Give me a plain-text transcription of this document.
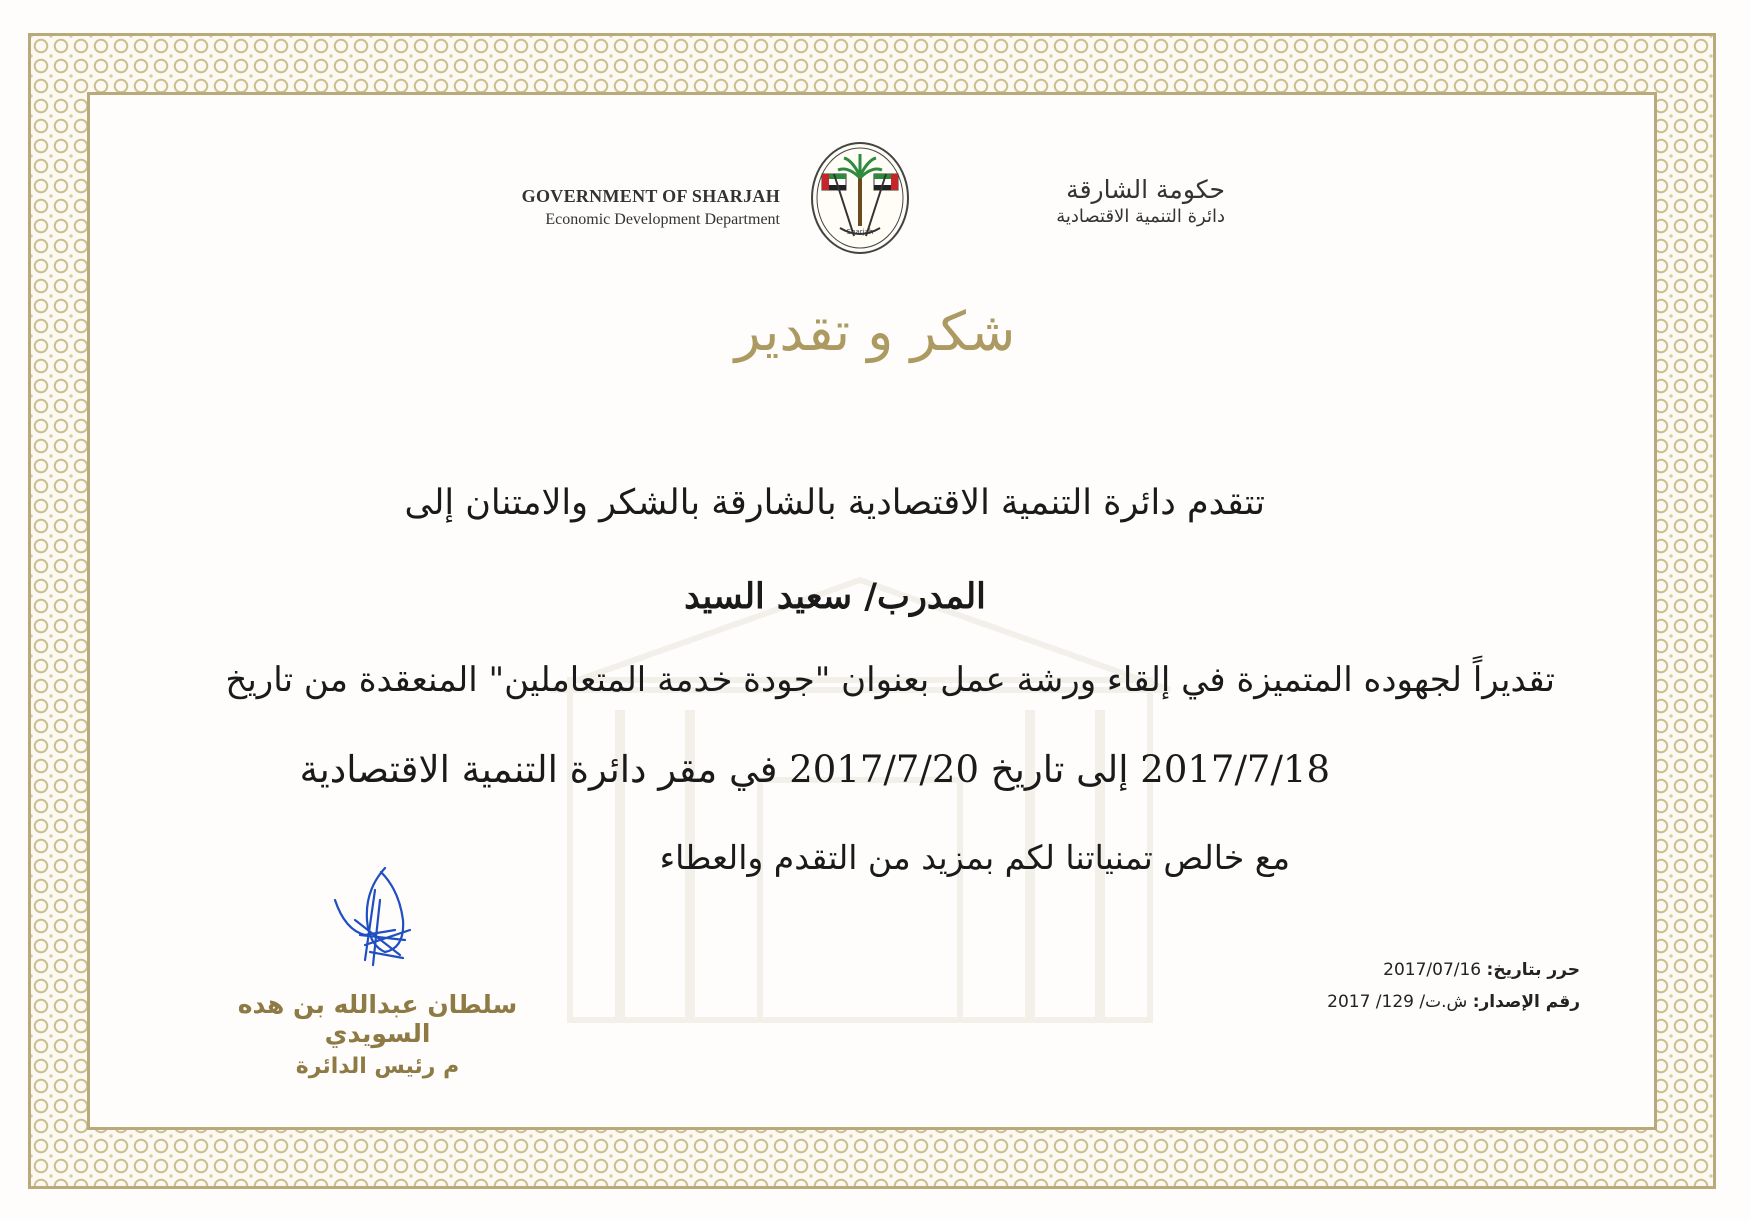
GOVERNMENT OF SHARJAH
Economic Development Department
Sharjah
حكومة الشارقة
دائرة التنمية الاقتصادية
شكر و تقدير
تتقدم دائرة التنمية الاقتصادية بالشارقة بالشكر والامتنان إلى
المدرب/ سعيد السيد
تقديراً لجهوده المتميزة في إلقاء ورشة عمل بعنوان "جودة خدمة المتعاملين" المنعقدة من تاريخ
2017/7/18 إلى تاريخ 2017/7/20 في مقر دائرة التنمية الاقتصادية
مع خالص تمنياتنا لكم بمزيد من التقدم والعطاء
حرر بتاريخ: 2017/07/16
رقم الإصدار: ش.ت/ 129/ 2017
سلطان عبدالله بن هده السويدي
م رئيس الدائرة
